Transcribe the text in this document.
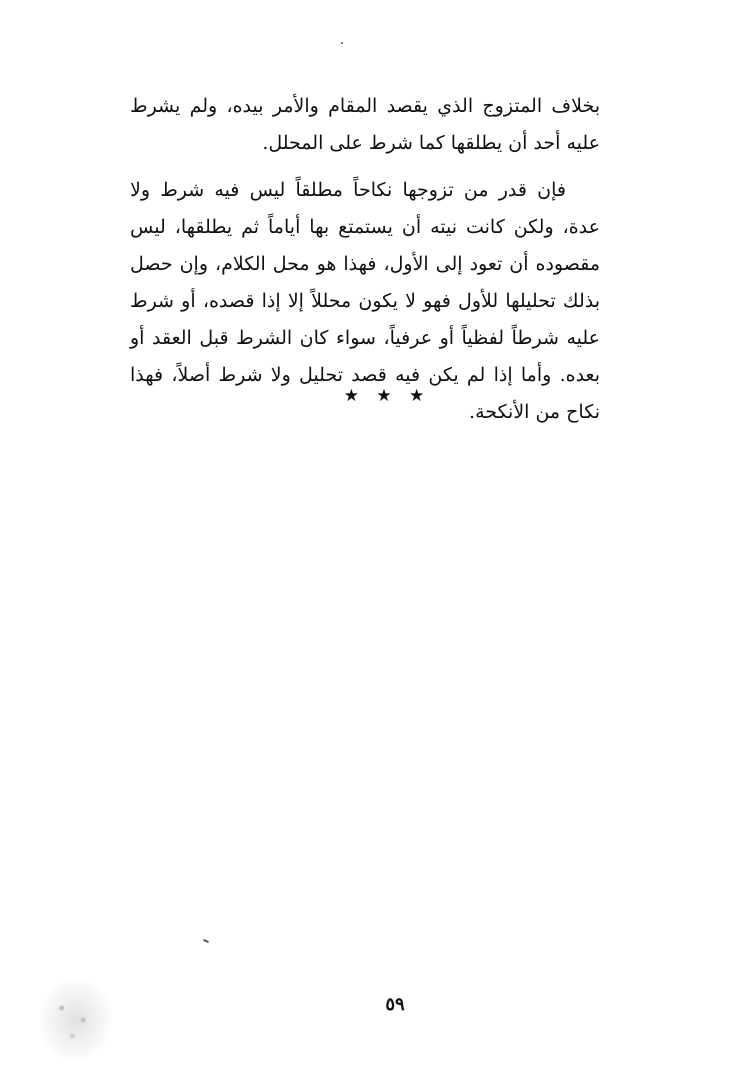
بخلاف المتزوج الذي يقصد المقام والأمر بيده، ولم يشرط عليه أحد أن يطلقها كما شرط على المحلل.

فإن قدر من تزوجها نكاحاً مطلقاً ليس فيه شرط ولا عدة، ولكن كانت نيته أن يستمتع بها أياماً ثم يطلقها، ليس مقصوده أن تعود إلى الأول، فهذا هو محل الكلام، وإن حصل بذلك تحليلها للأول فهو لا يكون محللاً إلا إذا قصده، أو شرط عليه شرطاً لفظياً أو عرفياً، سواء كان الشرط قبل العقد أو بعده. وأما إذا لم يكن فيه قصد تحليل ولا شرط أصلاً، فهذا نكاح من الأنكحة.

★ ★ ★
٥٩
